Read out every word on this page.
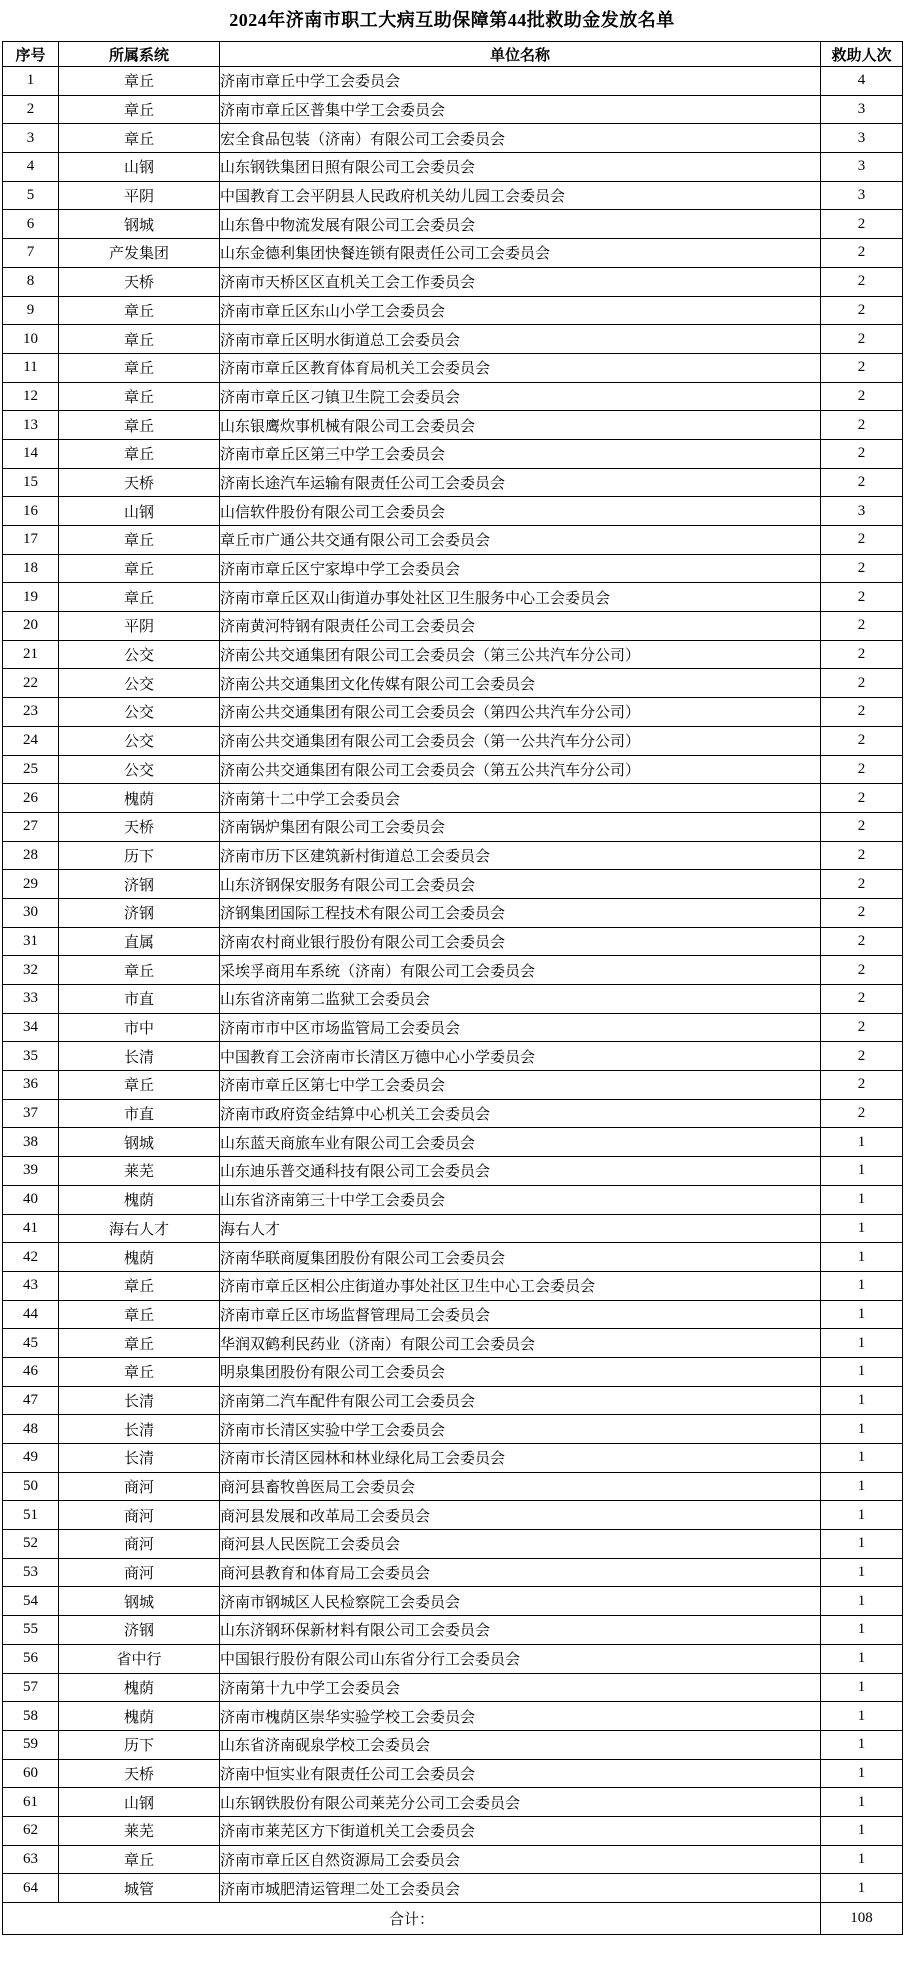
2024年济南市职工大病互助保障第44批救助金发放名单
序号	所属系统	单位名称	救助人次
1	章丘	济南市章丘中学工会委员会	4
2	章丘	济南市章丘区普集中学工会委员会	3
3	章丘	宏全食品包装（济南）有限公司工会委员会	3
4	山钢	山东钢铁集团日照有限公司工会委员会	3
5	平阴	中国教育工会平阴县人民政府机关幼儿园工会委员会	3
6	钢城	山东鲁中物流发展有限公司工会委员会	2
7	产发集团	山东金德利集团快餐连锁有限责任公司工会委员会	2
8	天桥	济南市天桥区区直机关工会工作委员会	2
9	章丘	济南市章丘区东山小学工会委员会	2
10	章丘	济南市章丘区明水街道总工会委员会	2
11	章丘	济南市章丘区教育体育局机关工会委员会	2
12	章丘	济南市章丘区刁镇卫生院工会委员会	2
13	章丘	山东银鹰炊事机械有限公司工会委员会	2
14	章丘	济南市章丘区第三中学工会委员会	2
15	天桥	济南长途汽车运输有限责任公司工会委员会	2
16	山钢	山信软件股份有限公司工会委员会	3
17	章丘	章丘市广通公共交通有限公司工会委员会	2
18	章丘	济南市章丘区宁家埠中学工会委员会	2
19	章丘	济南市章丘区双山街道办事处社区卫生服务中心工会委员会	2
20	平阴	济南黄河特钢有限责任公司工会委员会	2
21	公交	济南公共交通集团有限公司工会委员会（第三公共汽车分公司）	2
22	公交	济南公共交通集团文化传媒有限公司工会委员会	2
23	公交	济南公共交通集团有限公司工会委员会（第四公共汽车分公司）	2
24	公交	济南公共交通集团有限公司工会委员会（第一公共汽车分公司）	2
25	公交	济南公共交通集团有限公司工会委员会（第五公共汽车分公司）	2
26	槐荫	济南第十二中学工会委员会	2
27	天桥	济南锅炉集团有限公司工会委员会	2
28	历下	济南市历下区建筑新村街道总工会委员会	2
29	济钢	山东济钢保安服务有限公司工会委员会	2
30	济钢	济钢集团国际工程技术有限公司工会委员会	2
31	直属	济南农村商业银行股份有限公司工会委员会	2
32	章丘	采埃孚商用车系统（济南）有限公司工会委员会	2
33	市直	山东省济南第二监狱工会委员会	2
34	市中	济南市市中区市场监管局工会委员会	2
35	长清	中国教育工会济南市长清区万德中心小学委员会	2
36	章丘	济南市章丘区第七中学工会委员会	2
37	市直	济南市政府资金结算中心机关工会委员会	2
38	钢城	山东蓝天商旅车业有限公司工会委员会	1
39	莱芜	山东迪乐普交通科技有限公司工会委员会	1
40	槐荫	山东省济南第三十中学工会委员会	1
41	海右人才	海右人才	1
42	槐荫	济南华联商厦集团股份有限公司工会委员会	1
43	章丘	济南市章丘区相公庄街道办事处社区卫生中心工会委员会	1
44	章丘	济南市章丘区市场监督管理局工会委员会	1
45	章丘	华润双鹤利民药业（济南）有限公司工会委员会	1
46	章丘	明泉集团股份有限公司工会委员会	1
47	长清	济南第二汽车配件有限公司工会委员会	1
48	长清	济南市长清区实验中学工会委员会	1
49	长清	济南市长清区园林和林业绿化局工会委员会	1
50	商河	商河县畜牧兽医局工会委员会	1
51	商河	商河县发展和改革局工会委员会	1
52	商河	商河县人民医院工会委员会	1
53	商河	商河县教育和体育局工会委员会	1
54	钢城	济南市钢城区人民检察院工会委员会	1
55	济钢	山东济钢环保新材料有限公司工会委员会	1
56	省中行	中国银行股份有限公司山东省分行工会委员会	1
57	槐荫	济南第十九中学工会委员会	1
58	槐荫	济南市槐荫区崇华实验学校工会委员会	1
59	历下	山东省济南砚泉学校工会委员会	1
60	天桥	济南中恒实业有限责任公司工会委员会	1
61	山钢	山东钢铁股份有限公司莱芜分公司工会委员会	1
62	莱芜	济南市莱芜区方下街道机关工会委员会	1
63	章丘	济南市章丘区自然资源局工会委员会	1
64	城管	济南市城肥清运管理二处工会委员会	1
合计：			108
